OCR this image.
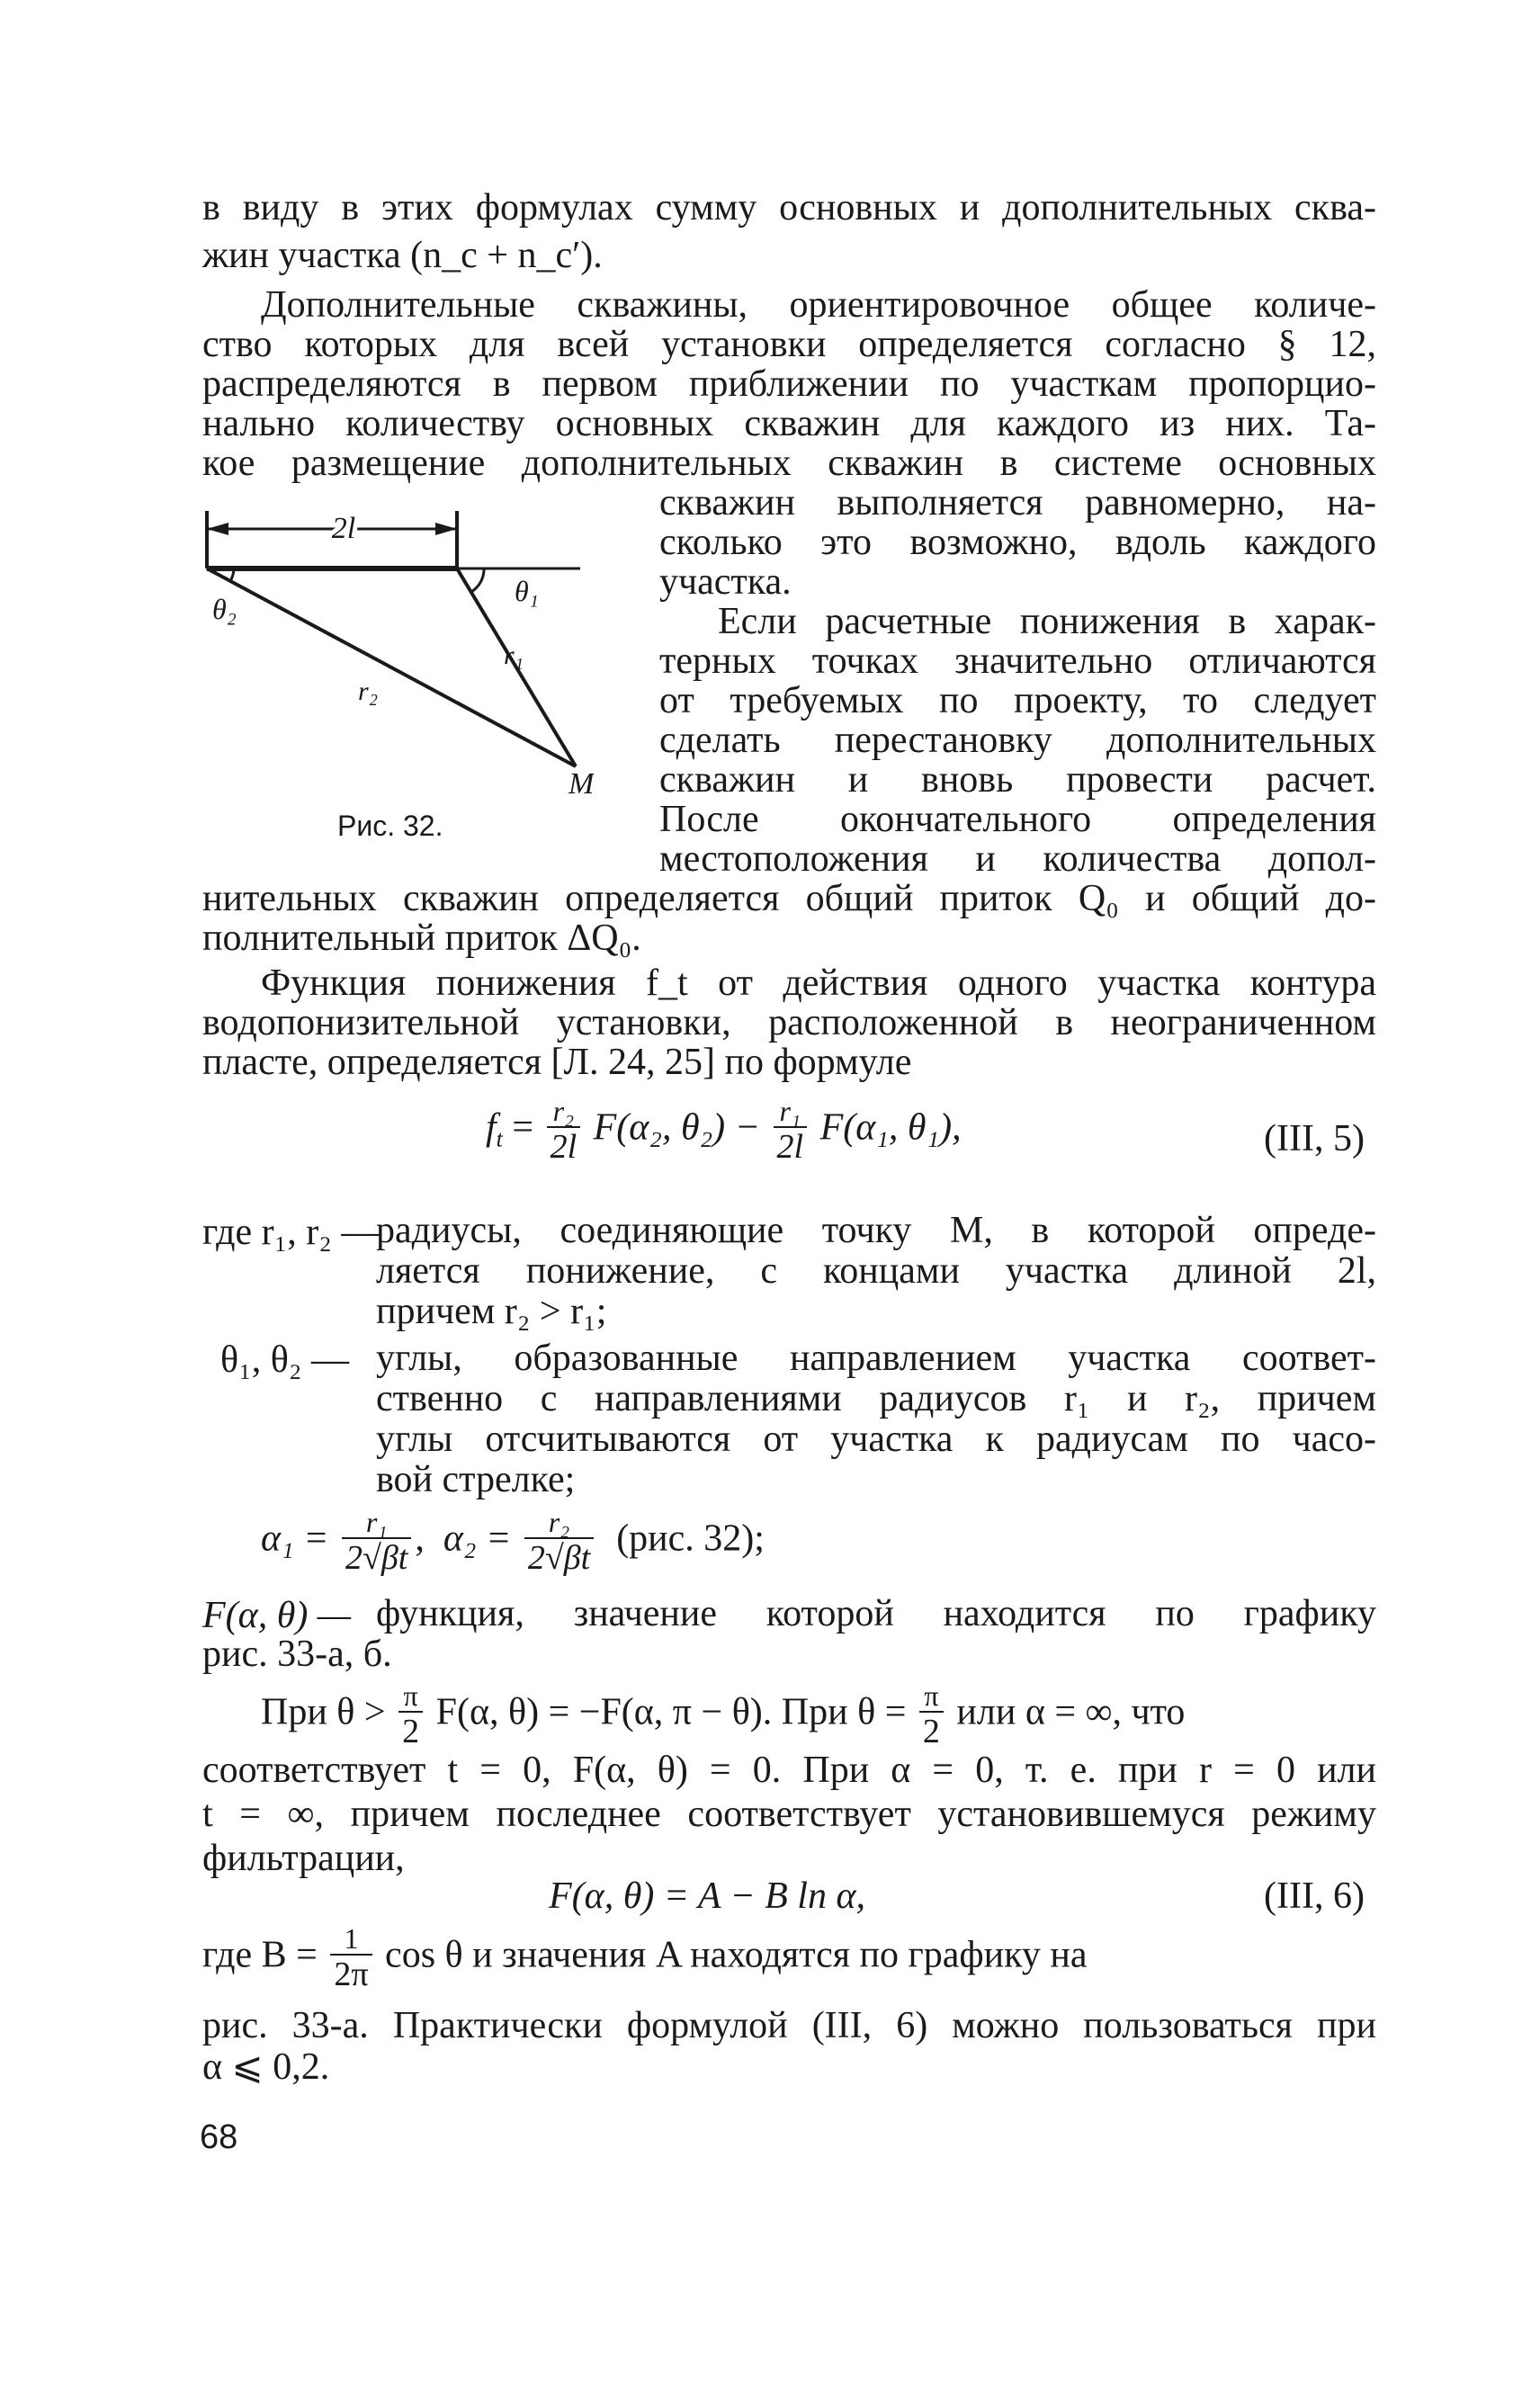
в виду в этих формулах сумму основных и дополнительных сква-
жин участка (n_с + n_с′).
Дополнительные скважины, ориентировочное общее количе-
ство которых для всей установки определяется согласно § 12,
распределяются в первом приближении по участкам пропорцио-
нально количеству основных скважин для каждого из них. Та-
кое размещение дополнительных скважин в системе основных
скважин выполняется равномерно, на-
сколько это возможно, вдоль каждого
участка.
Если расчетные понижения в харак-
терных точках значительно отличаются
от требуемых по проекту, то следует
сделать перестановку дополнительных
скважин и вновь провести расчет.
После окончательного определения
местоположения и количества допол-
нительных скважин определяется общий приток Q₀ и общий до-
полнительный приток ΔQ₀.
2l
θ₂
θ₁
r₁
r₂
M
Рис. 32.
Функция понижения f_t от действия одного участка контура
водопонизительной установки, расположенной в неограниченном
пласте, определяется [Л. 24, 25] по формуле
$f_t = \frac{\text{r₂}}{2l} F(\alpha_2$, $\theta_2) - \frac{\text{r₁}}{2l} F(\alpha_1$, θ₁),	(III, 5)
где r₁, r₂ —
радиусы, соединяющие точку M, в которой опреде-
ляется понижение, с концами участка длиной 2l,
причем r₂ > r₁;
θ₁, θ₂ — углы, образованные направлением участка соответ-
ственно с направлениями радиусов r₁ и r₂, причем
углы отсчитываются от участка к радиусам по часо-
вой стрелке;
$\alpha_1 = \frac{\text{r₁}}{2√\beta t}$ , $\alpha_2 = \frac{\text{r₂}}{2√\beta t} (рис$. 32);
F(α, θ) — функция, значение которой находится по графику
рис. 33-а, б.
При $\theta > \frac{\pi}{2} F(\alpha$, θ) = −F(α, π − θ). При $\theta = \frac{\pi}{2}$ или α = ∞, что
соответствует t = 0, F(α, θ) = 0. При α = 0, т. е. при r = 0 или
t = ∞, причем последнее соответствует установившемуся режиму
фильтрации,
F(α, θ) = A − B ln α,	(III, 6)
где $B = \frac{1}{2\pi}$ cos θ и значения A находятся по графику на
рис. 33-а. Практически формулой (III, 6) можно пользоваться при
α ⩽ 0,2.
68
